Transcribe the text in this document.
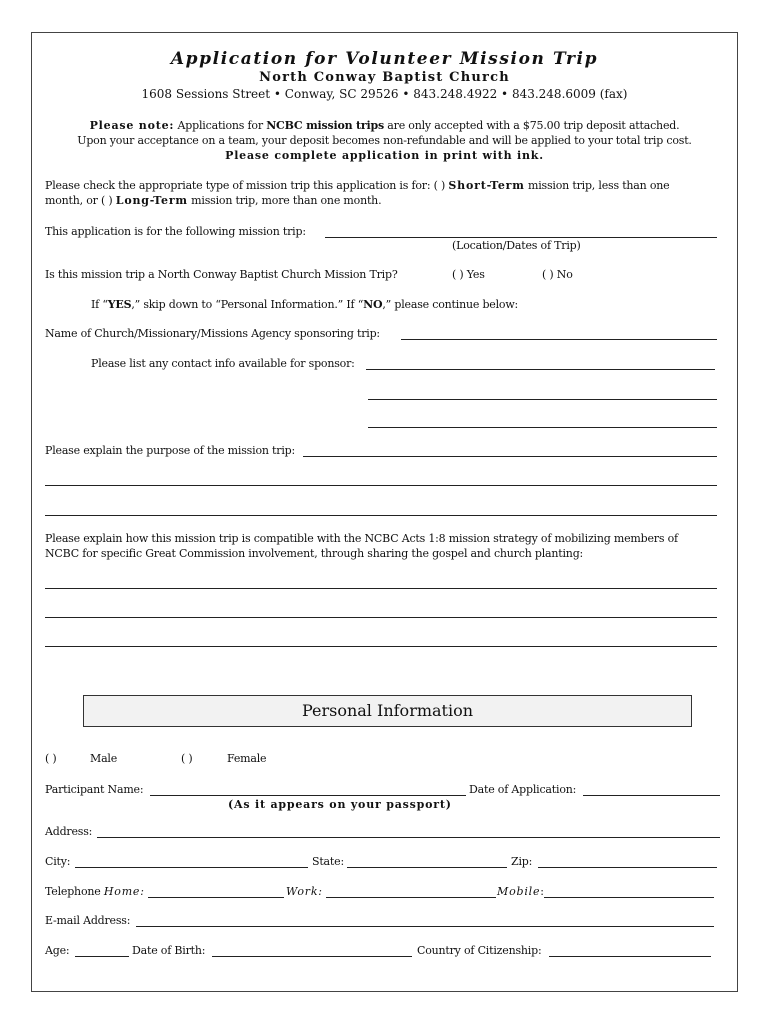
Application for Volunteer Mission Trip
North Conway Baptist Church
1608 Sessions Street • Conway, SC 29526 • 843.248.4922 • 843.248.6009 (fax)
Please note: Applications for NCBC mission trips are only accepted with a $75.00 trip deposit attached.
Upon your acceptance on a team, your deposit becomes non-refundable and will be applied to your total trip cost.
Please complete application in print with ink.
Please check the appropriate type of mission trip this application is for: ( ) Short-Term mission trip, less than one
month, or ( ) Long-Term mission trip, more than one month.
This application is for the following mission trip:
(Location/Dates of Trip)
Is this mission trip a North Conway Baptist Church Mission Trip?	( ) Yes	( ) No
If “YES,” skip down to “Personal Information.” If “NO,” please continue below:
Name of Church/Missionary/Missions Agency sponsoring trip:
Please list any contact info available for sponsor:
Please explain the purpose of the mission trip:
Please explain how this mission trip is compatible with the NCBC Acts 1:8 mission strategy of mobilizing members of
NCBC for specific Great Commission involvement, through sharing the gospel and church planting:
Personal Information
( )	Male	( )	Female
Participant Name:	Date of Application:
(As it appears on your passport)
Address:
City:	State:	Zip:
Telephone Home:	Work:	Mobile:
E-mail Address:
Age:	Date of Birth:	Country of Citizenship:
